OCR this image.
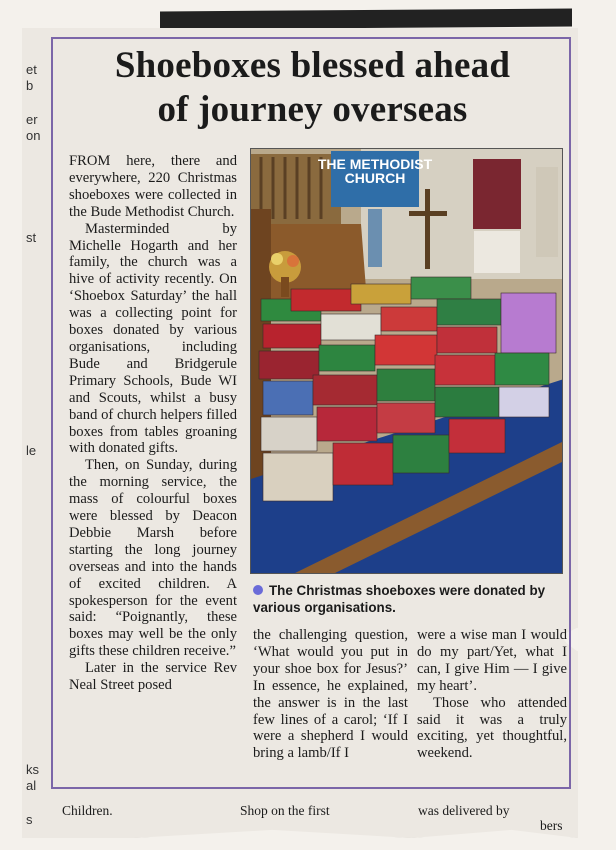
et
b
er
on
st
le
ks
al
s
Shoeboxes blessed ahead
of journey overseas

FROM here, there and everywhere, 220 Christmas shoeboxes were collected in the Bude Methodist Church.

Masterminded by Michelle Hogarth and her family, the church was a hive of activity recently. On ‘Shoebox Saturday’ the hall was a collecting point for boxes donated by various organisations, including Bude and Bridgerule Primary Schools, Bude WI and Scouts, whilst a busy band of church helpers filled boxes from tables groaning with donated gifts.

Then, on Sunday, during the morning service, the mass of colourful boxes were blessed by Deacon Debbie Marsh before starting the long journey overseas and into the hands of excited children. A spokesperson for the event said: “Poignantly, these boxes may well be the only gifts these children receive.”

Later in the service Rev Neal Street posed

THE METHODIST
CHURCH
The Christmas shoeboxes were donated by various organisations.

the challenging question, ‘What would you put in your shoe box for Jesus?’ In essence, he explained, the answer is in the last few lines of a carol; ‘If I were a shepherd I would bring a lamb/If I

were a wise man I would do my part/Yet, what I can, I give Him — I give my heart’.

Those who attended said it was a truly exciting, yet thoughtful, weekend.

Children.	Shop on the first	was delivered by
bers
